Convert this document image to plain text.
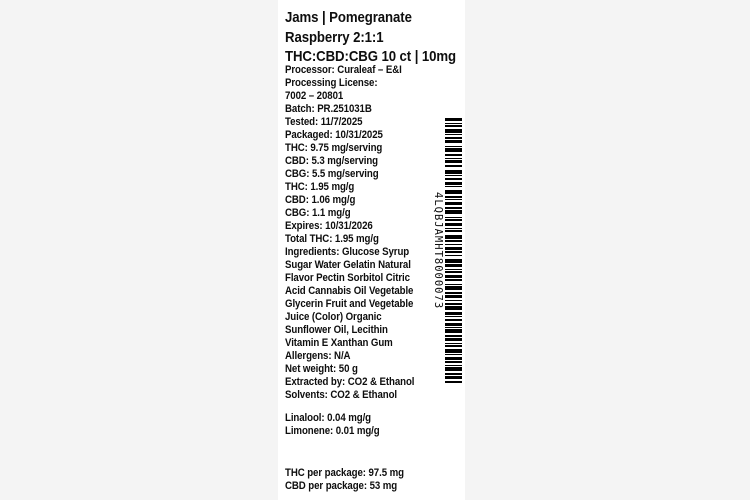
Jams | Pomegranate
Raspberry 2:1:1
THC:CBD:CBG 10 ct | 10mg
Processor: Curaleaf – E&I
Processing License:
7002 – 20801
Batch: PR.251031B
Tested: 11/7/2025
Packaged: 10/31/2025
THC: 9.75 mg/serving
CBD: 5.3 mg/serving
CBG: 5.5 mg/serving
THC: 1.95 mg/g
CBD: 1.06 mg/g
CBG: 1.1 mg/g
Expires: 10/31/2026
Total THC: 1.95 mg/g
Ingredients: Glucose Syrup
Sugar Water Gelatin Natural
Flavor Pectin Sorbitol Citric
Acid Cannabis Oil Vegetable
Glycerin Fruit and Vegetable
Juice (Color) Organic
Sunflower Oil, Lecithin
Vitamin E Xanthan Gum
Allergens: N/A
Net weight: 50 g
Extracted by: CO2 & Ethanol
Solvents: CO2 & Ethanol
Linalool: 0.04 mg/g
Limonene: 0.01 mg/g
THC per package: 97.5 mg
CBD per package: 53 mg
4LQBJAMHT8000073
